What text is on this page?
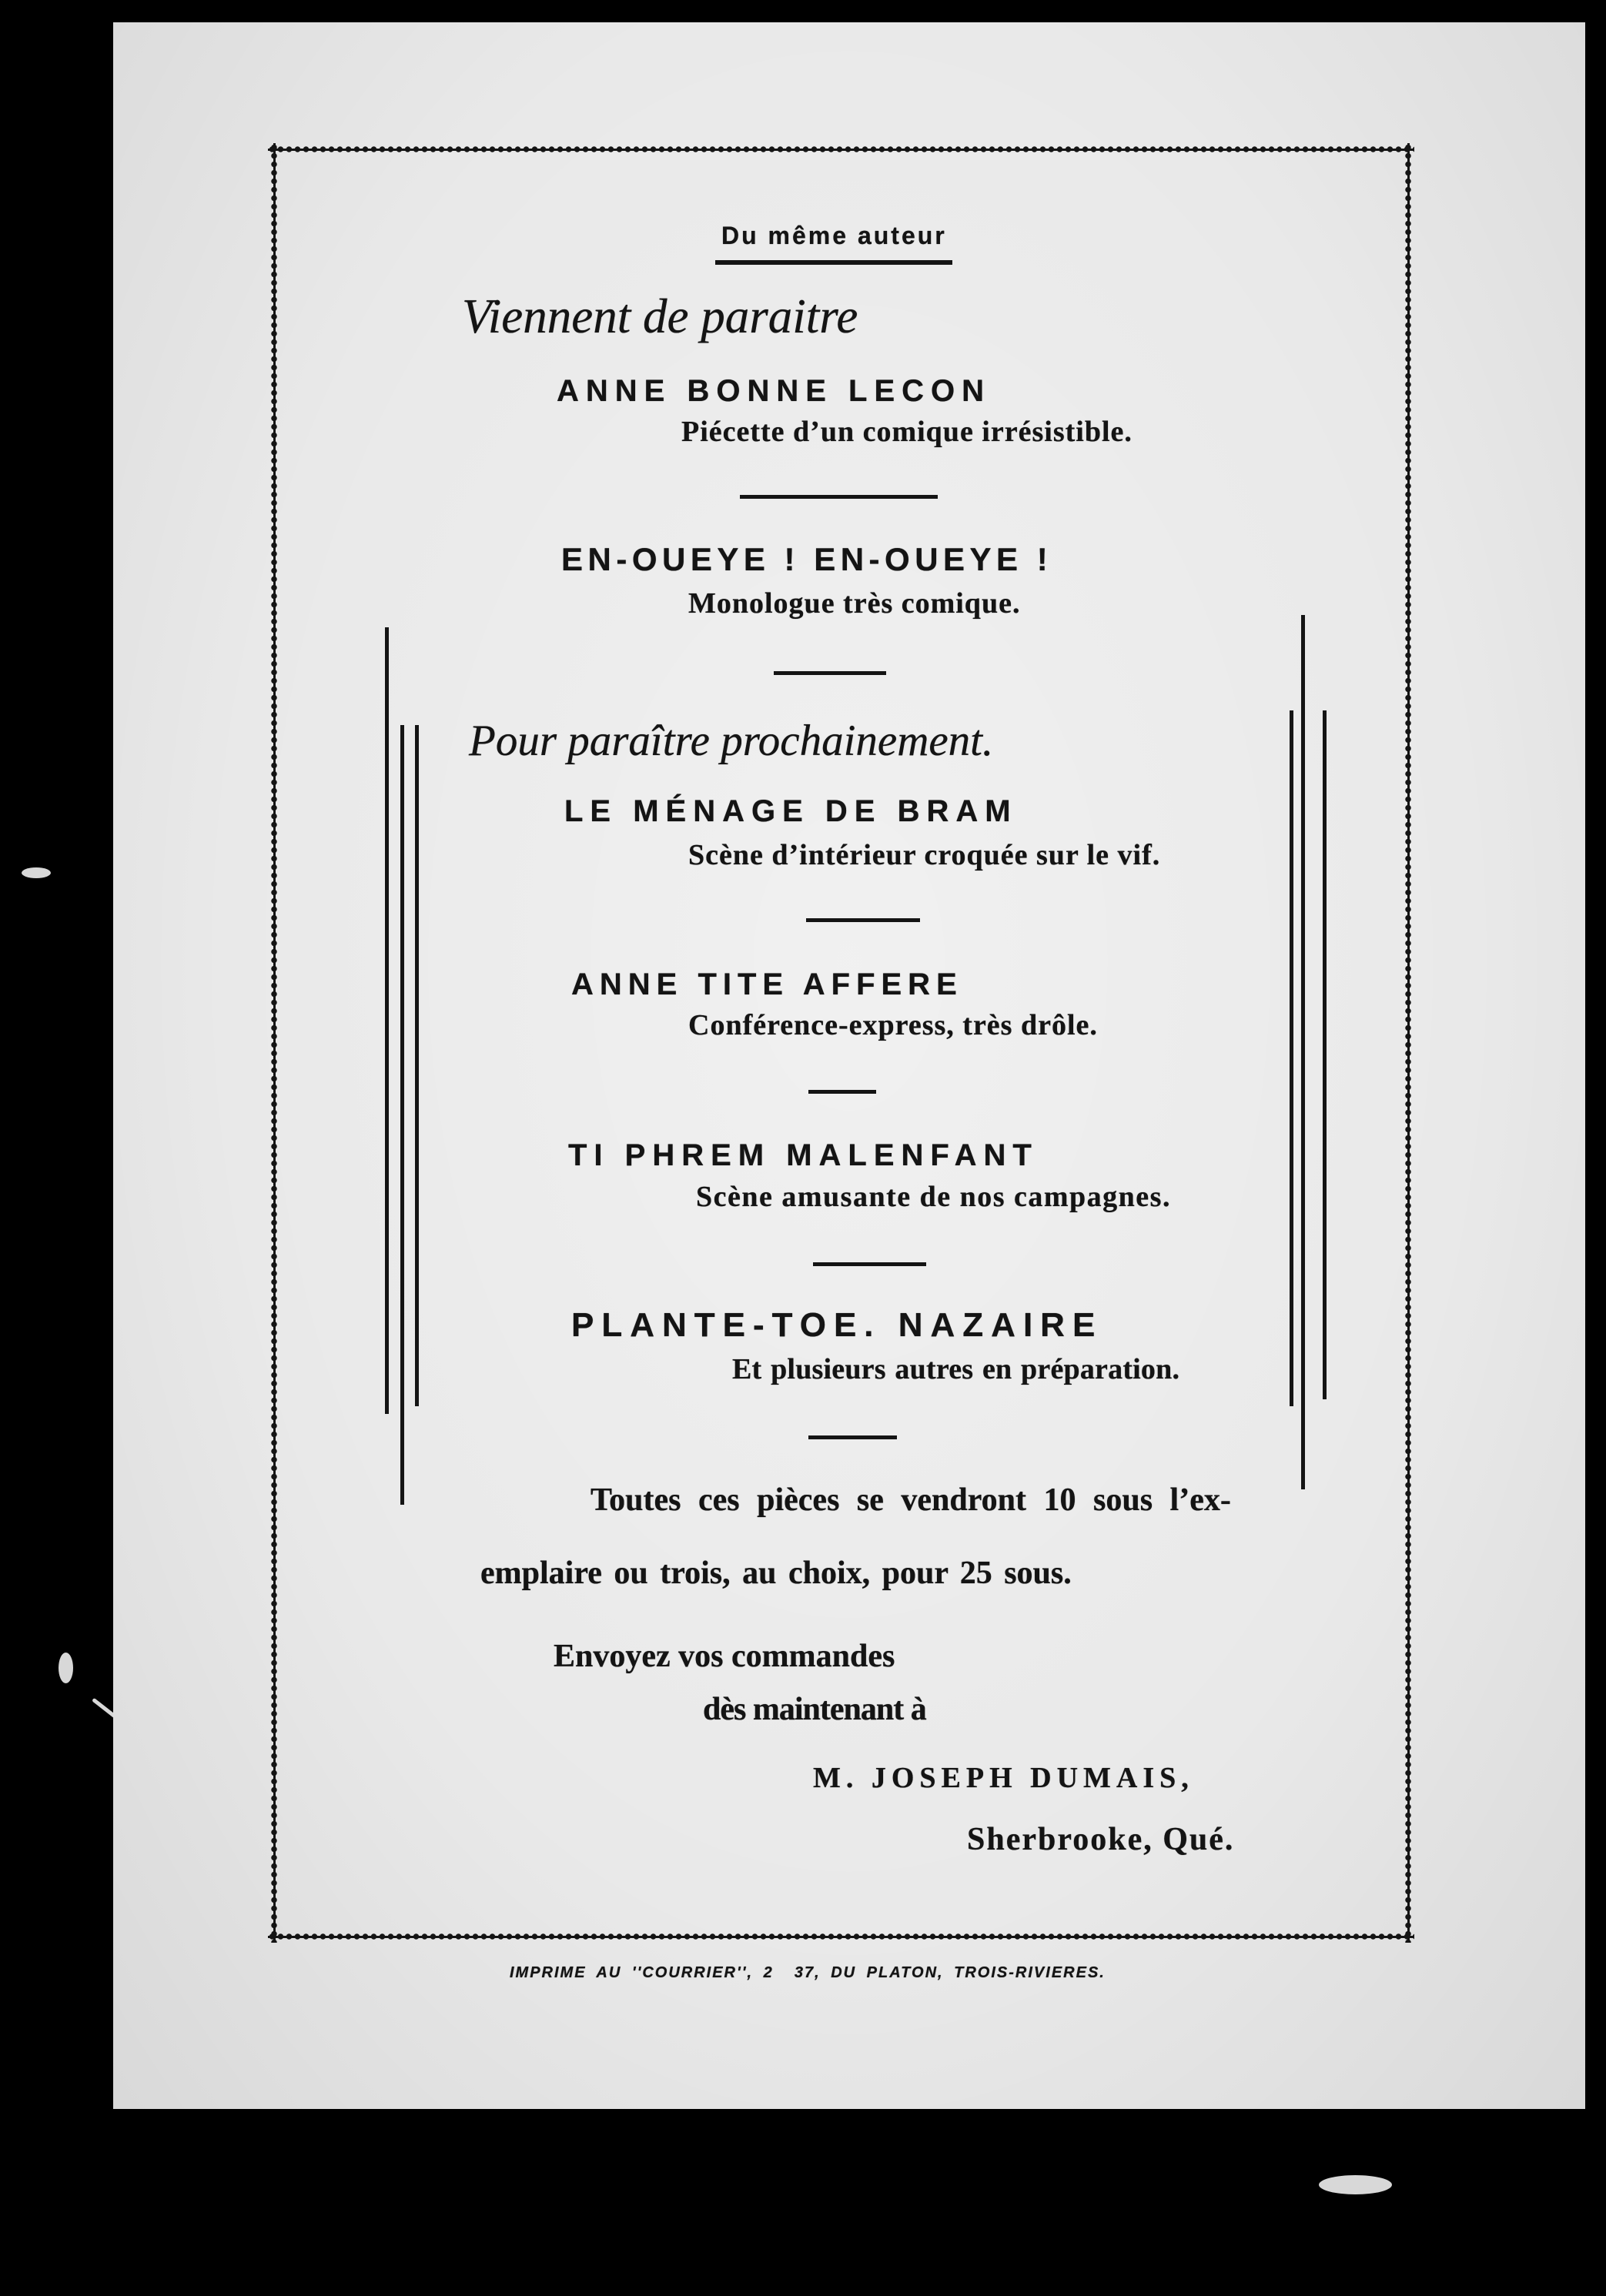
Du même auteur
Viennent de paraitre
ANNE BONNE LECON
Piécette d’un comique irrésistible.
EN-OUEYE ! EN-OUEYE !
Monologue très comique.
Pour paraître prochainement.
LE MÉNAGE DE BRAM
Scène d’intérieur croquée sur le vif.
ANNE TITE AFFERE
Conférence-express, très drôle.
TI PHREM MALENFANT
Scène amusante de nos campagnes.
PLANTE-TOE. NAZAIRE
Et plusieurs autres en préparation.
Toutes ces pièces se vendront 10 sous l’ex-
emplaire ou trois, au choix, pour 25 sous.
Envoyez vos commandes
dès maintenant à
M. JOSEPH DUMAIS,
Sherbrooke, Qué.
IMPRIME AU ''COURRIER'', 2  37, DU PLATON, TROIS-RIVIERES.
